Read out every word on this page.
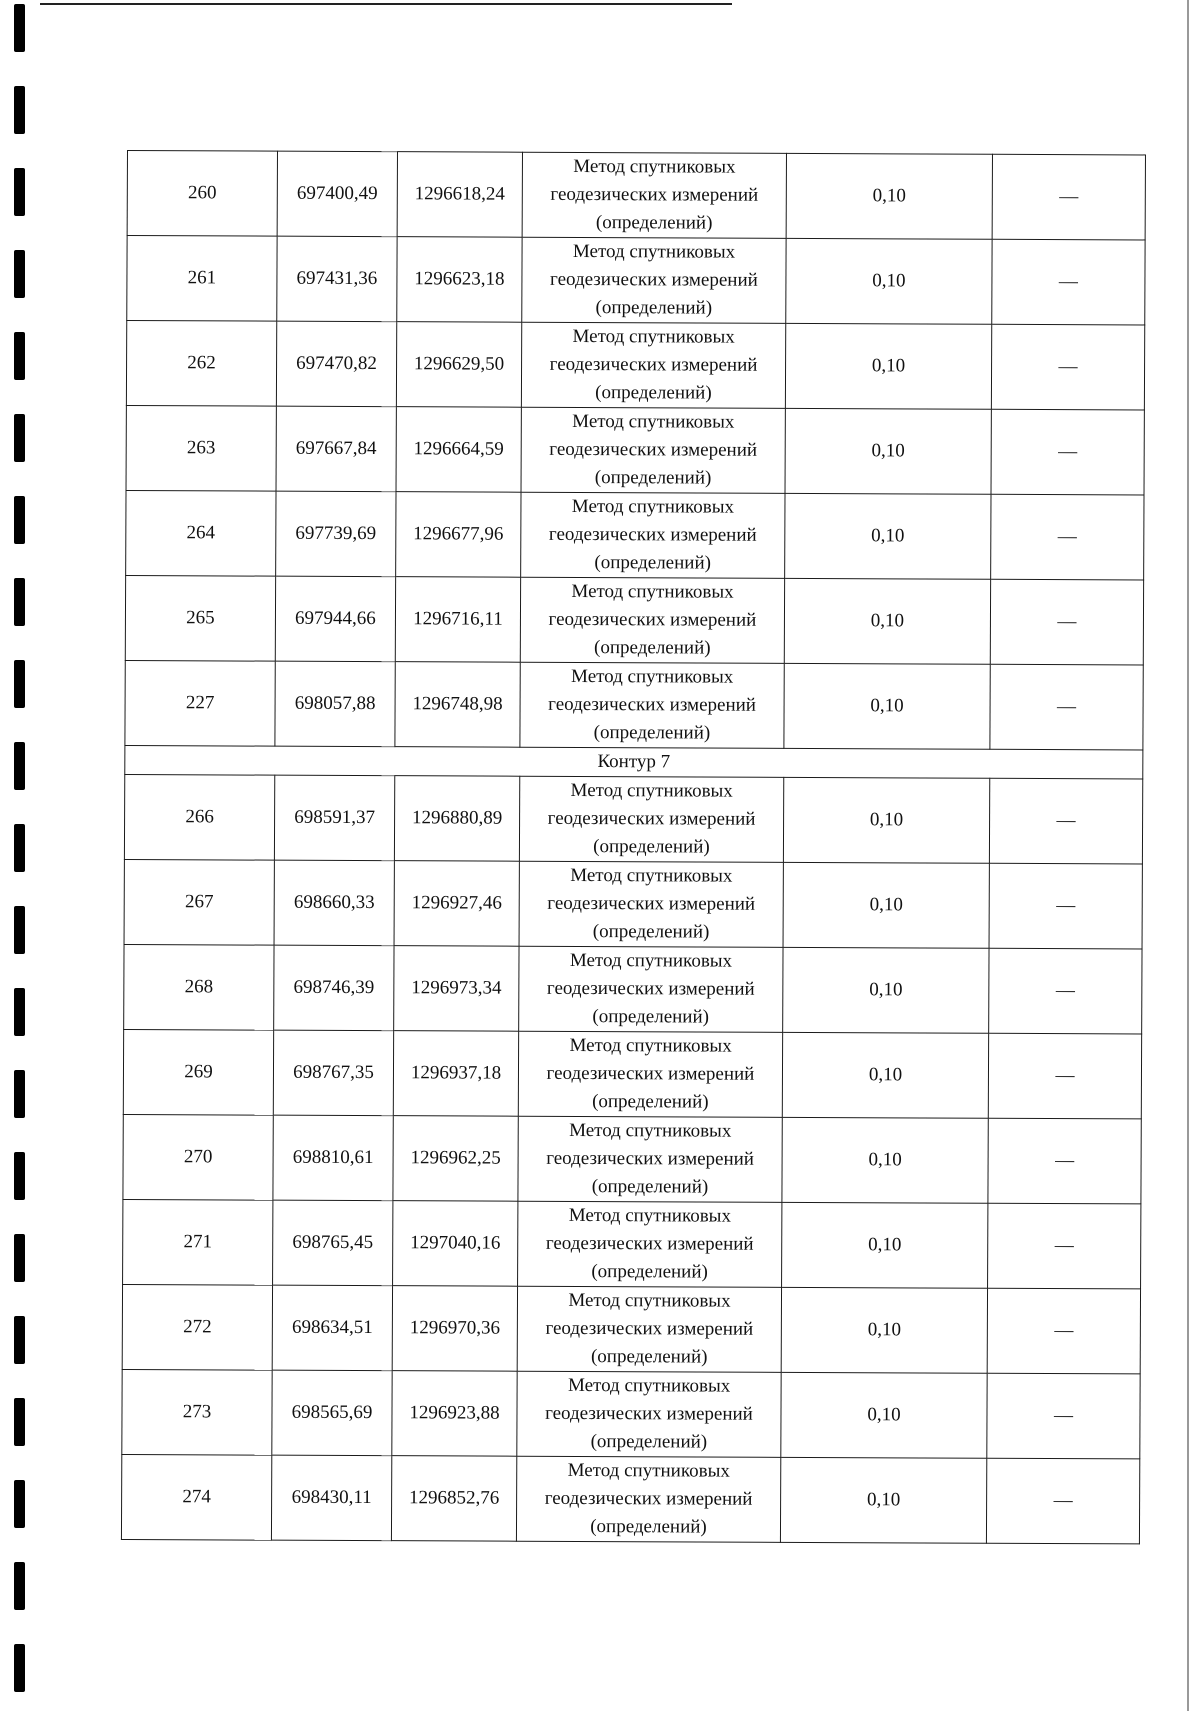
260	697400,49	1296618,24	Метод спутниковых
геодезических измерений
(определений)	0,10	—
261	697431,36	1296623,18	Метод спутниковых
геодезических измерений
(определений)	0,10	—
262	697470,82	1296629,50	Метод спутниковых
геодезических измерений
(определений)	0,10	—
263	697667,84	1296664,59	Метод спутниковых
геодезических измерений
(определений)	0,10	—
264	697739,69	1296677,96	Метод спутниковых
геодезических измерений
(определений)	0,10	—
265	697944,66	1296716,11	Метод спутниковых
геодезических измерений
(определений)	0,10	—
227	698057,88	1296748,98	Метод спутниковых
геодезических измерений
(определений)	0,10	—
Контур 7					
266	698591,37	1296880,89	Метод спутниковых
геодезических измерений
(определений)	0,10	—
267	698660,33	1296927,46	Метод спутниковых
геодезических измерений
(определений)	0,10	—
268	698746,39	1296973,34	Метод спутниковых
геодезических измерений
(определений)	0,10	—
269	698767,35	1296937,18	Метод спутниковых
геодезических измерений
(определений)	0,10	—
270	698810,61	1296962,25	Метод спутниковых
геодезических измерений
(определений)	0,10	—
271	698765,45	1297040,16	Метод спутниковых
геодезических измерений
(определений)	0,10	—
272	698634,51	1296970,36	Метод спутниковых
геодезических измерений
(определений)	0,10	—
273	698565,69	1296923,88	Метод спутниковых
геодезических измерений
(определений)	0,10	—
274	698430,11	1296852,76	Метод спутниковых
геодезических измерений
(определений)	0,10	—
